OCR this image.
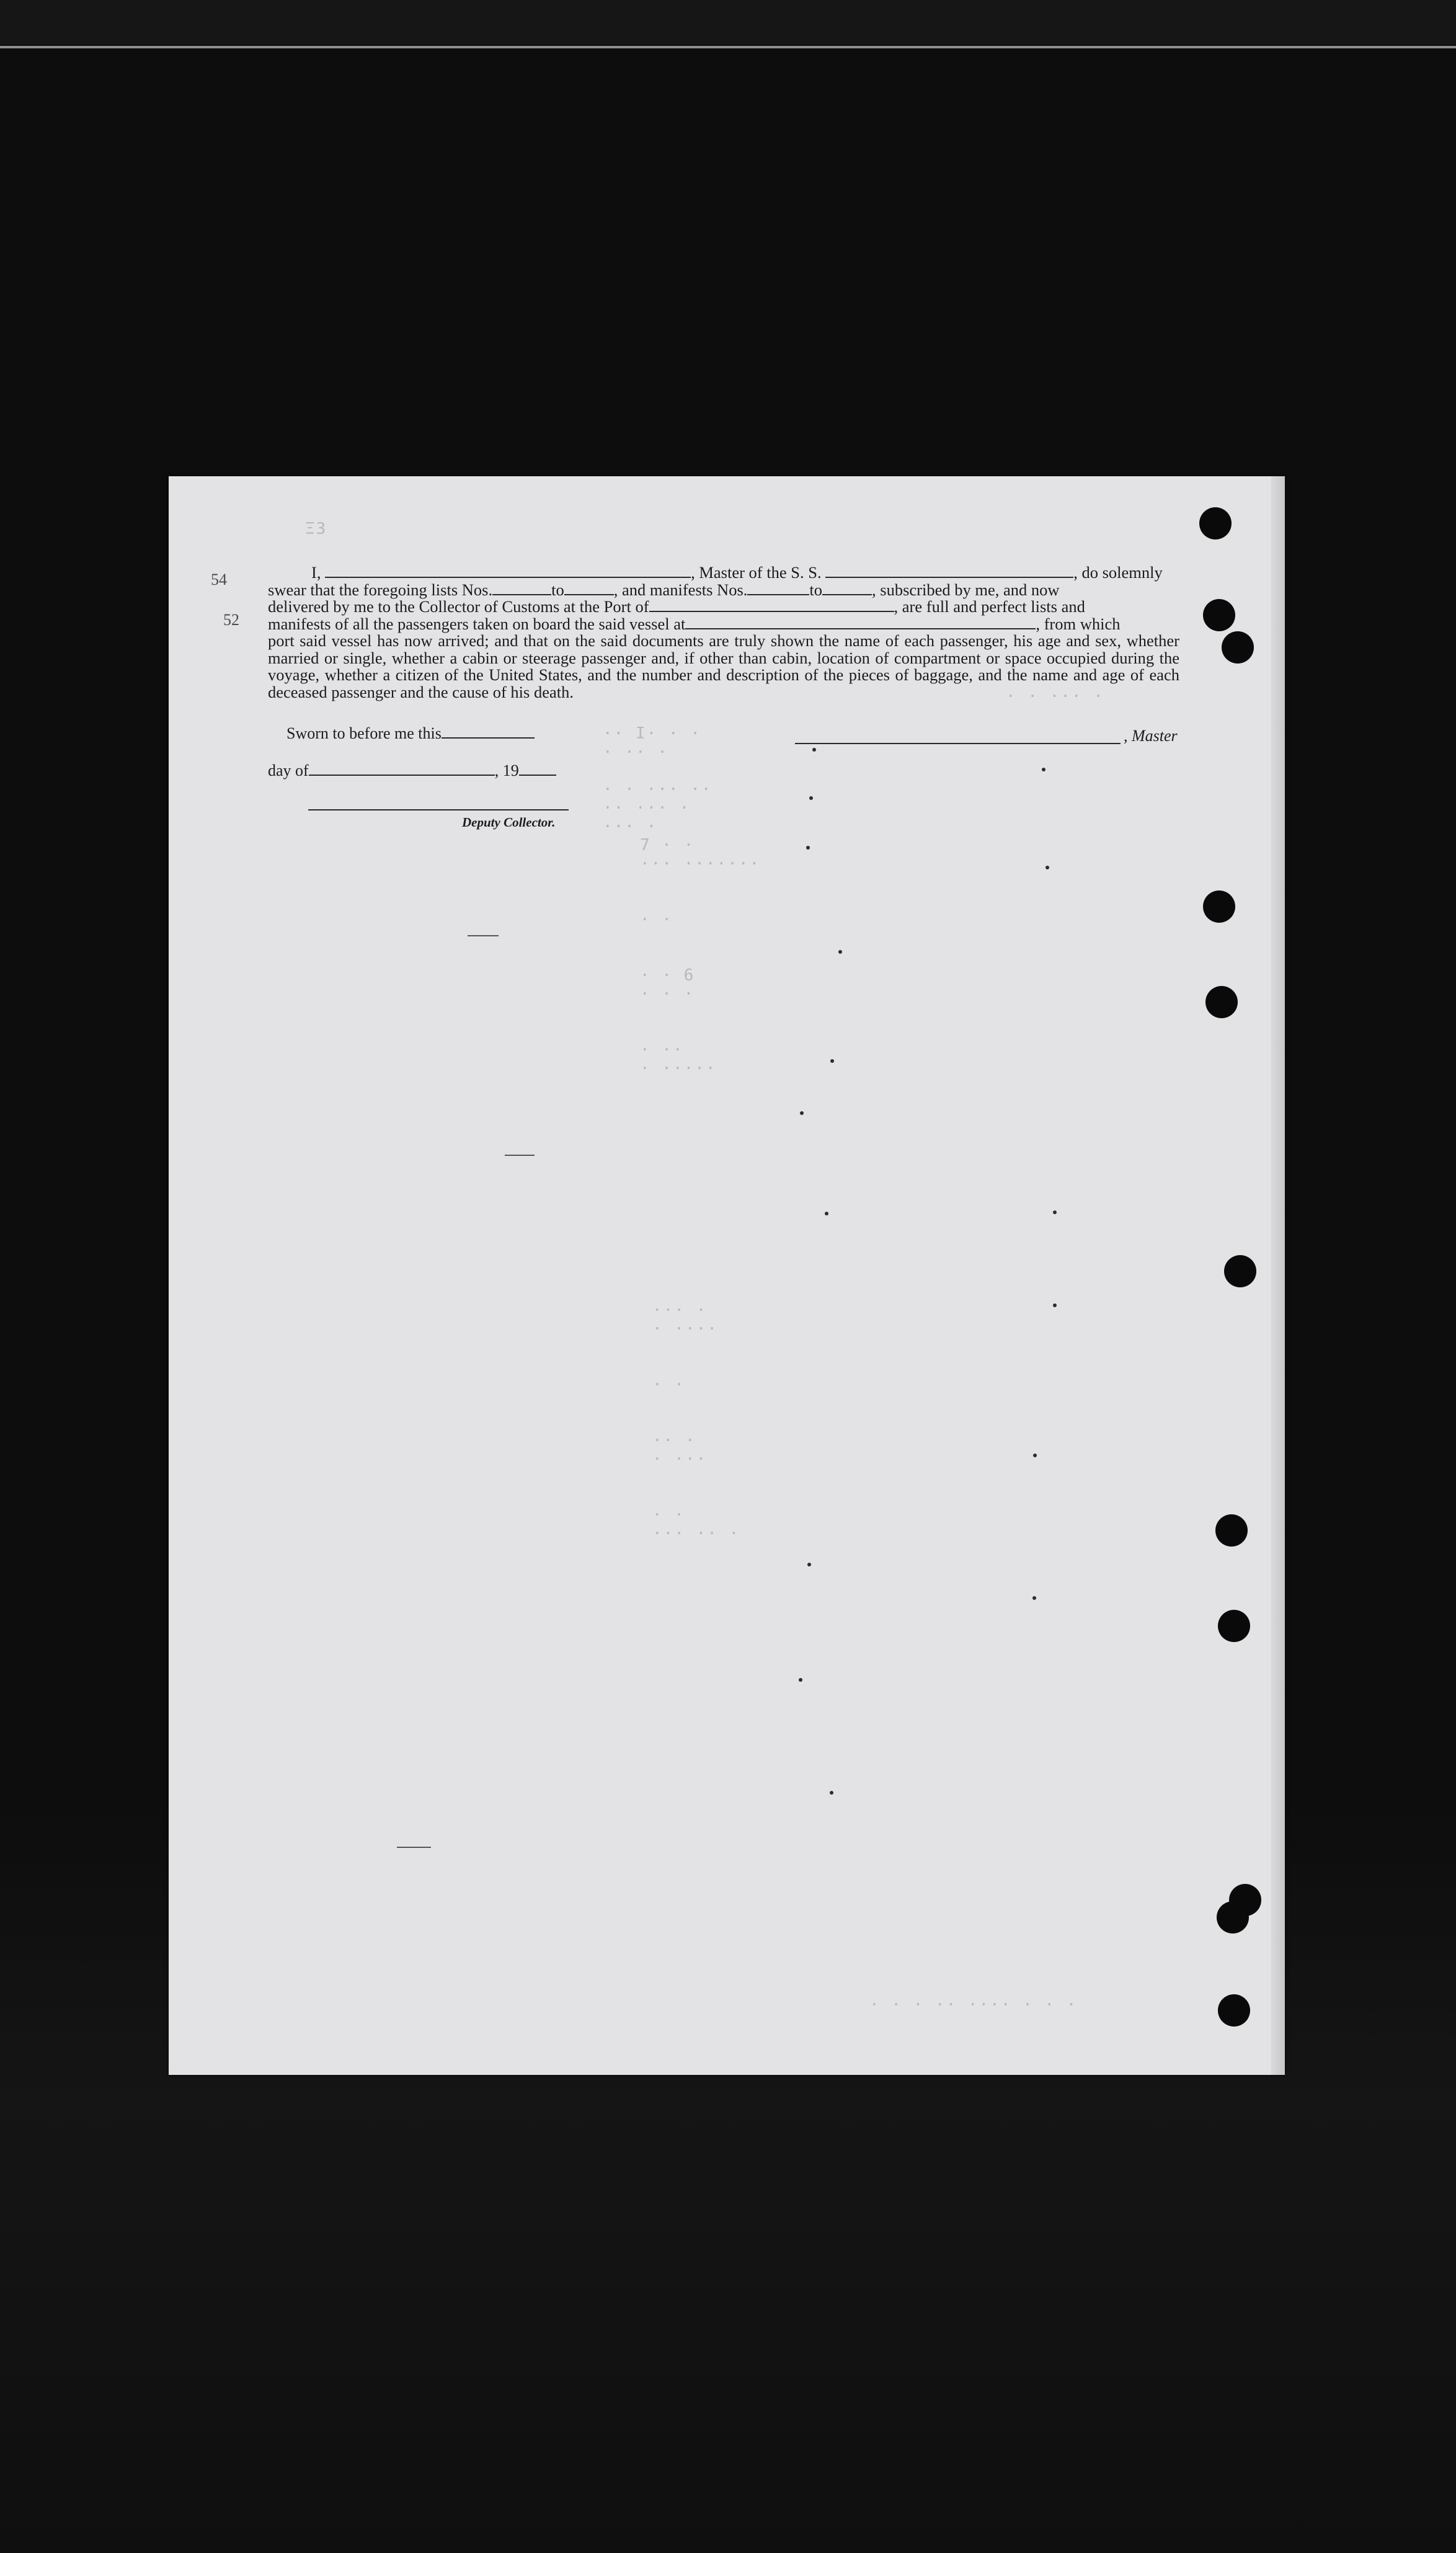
ΞЗ
·· Ι· · ·
· ·· ·

· · ··· ··
·· ··· ·
··· ·
· · ··· ·
7 · ·
··· ·······

· ·

· · 6
· · ·

· ··
· ·····
··· ·
· ····

· ·

·· ·
· ···

· ·
··· ·· ·
· · · ·· ···· · · ·
I,	, Master of the S. S.	, do solemnly
swear that the foregoing lists Nos.	to	, and manifests Nos.	to	, subscribed by me, and now
delivered by me to the Collector of Customs at the Port of	, are full and perfect lists and
manifests of all the passengers taken on board the said vessel at	, from which
port said vessel has now arrived; and that on the said documents are truly shown the name of each passenger, his age and sex, whether married or single, whether a cabin or steerage passenger and, if other than cabin, location of compartment or space occupied during the voyage, whether a citizen of the United States, and the number and description of the pieces of baggage, and the name and age of each deceased passenger and the cause of his death.
Sworn to before me this
day of	, 19
Deputy Collector.
, Master
54
52
